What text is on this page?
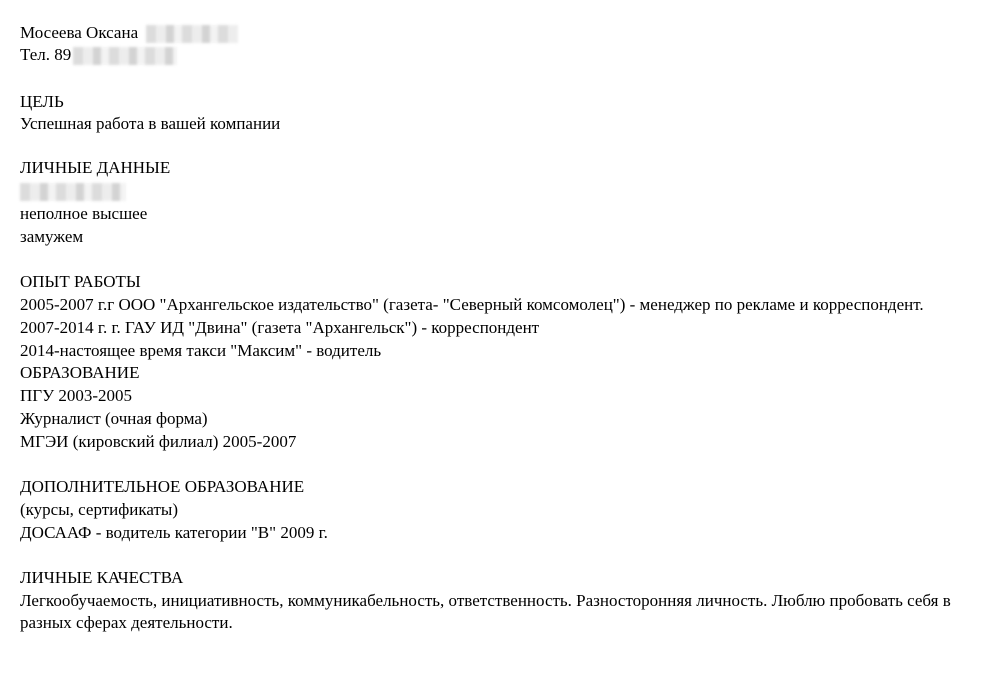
Мосеева Оксана
Тел. 89
ЦЕЛЬ
Успешная работа в вашей компании
ЛИЧНЫЕ ДАННЫЕ
неполное высшее
замужем
ОПЫТ РАБОТЫ
2005-2007 г.г ООО "Архангельское издательство" (газета- "Северный комсомолец") - менеджер по рекламе и корреспондент.
2007-2014 г. г. ГАУ ИД "Двина" (газета "Архангельск") - корреспондент
2014-настоящее время такси "Максим" - водитель
ОБРАЗОВАНИЕ
ПГУ 2003-2005
Журналист (очная форма)
МГЭИ (кировский филиал) 2005-2007
ДОПОЛНИТЕЛЬНОЕ ОБРАЗОВАНИЕ
(курсы, сертификаты)
ДОСААФ - водитель категории "В" 2009 г.
ЛИЧНЫЕ КАЧЕСТВА
Легкообучаемость, инициативность, коммуникабельность, ответственность. Разносторонняя личность. Люблю пробовать себя в разных сферах деятельности.
